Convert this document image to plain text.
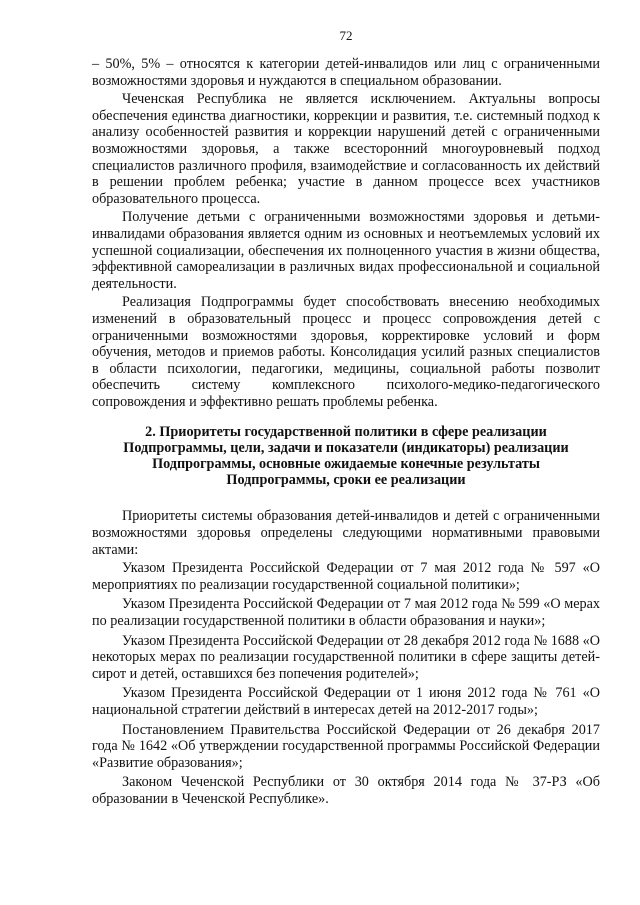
72

– 50%, 5% – относятся к категории детей-инвалидов или лиц с ограниченными возможностями здоровья и нуждаются в специальном образовании.

Чеченская Республика не является исключением. Актуальны вопросы обеспечения единства диагностики, коррекции и развития, т.е. системный подход к анализу особенностей развития и коррекции нарушений детей с ограниченными возможностями здоровья, а также всесторонний многоуровневый подход специалистов различного профиля, взаимодействие и согласованность их действий в решении проблем ребенка; участие в данном процессе всех участников образовательного процесса.

Получение детьми с ограниченными возможностями здоровья и детьми-инвалидами образования является одним из основных и неотъемлемых условий их успешной социализации, обеспечения их полноценного участия в жизни общества, эффективной самореализации в различных видах профессиональной и социальной деятельности.

Реализация Подпрограммы будет способствовать внесению необходимых изменений в образовательный процесс и процесс сопровождения детей с ограниченными возможностями здоровья, корректировке условий и форм обучения, методов и приемов работы. Консолидация усилий разных специалистов в области психологии, педагогики, медицины, социальной работы позволит обеспечить систему комплексного психолого-медико-педагогического сопровождения и эффективно решать проблемы ребенка.

2. Приоритеты государственной политики в сфере реализации
Подпрограммы, цели, задачи и показатели (индикаторы) реализации
Подпрограммы, основные ожидаемые конечные результаты
Подпрограммы, сроки ее реализации

Приоритеты системы образования детей-инвалидов и детей с ограниченными возможностями здоровья определены следующими нормативными правовыми актами:

Указом Президента Российской Федерации от 7 мая 2012 года № 597 «О мероприятиях по реализации государственной социальной политики»;

Указом Президента Российской Федерации от 7 мая 2012 года № 599 «О мерах по реализации государственной политики в области образования и науки»;

Указом Президента Российской Федерации от 28 декабря 2012 года № 1688 «О некоторых мерах по реализации государственной политики в сфере защиты детей-сирот и детей, оставшихся без попечения родителей»;

Указом Президента Российской Федерации от 1 июня 2012 года № 761 «О национальной стратегии действий в интересах детей на 2012-2017 годы»;

Постановлением Правительства Российской Федерации от 26 декабря 2017 года № 1642 «Об утверждении государственной программы Российской Федерации «Развитие образования»;

Законом Чеченской Республики от 30 октября 2014 года № 37-РЗ «Об образовании в Чеченской Республике».
